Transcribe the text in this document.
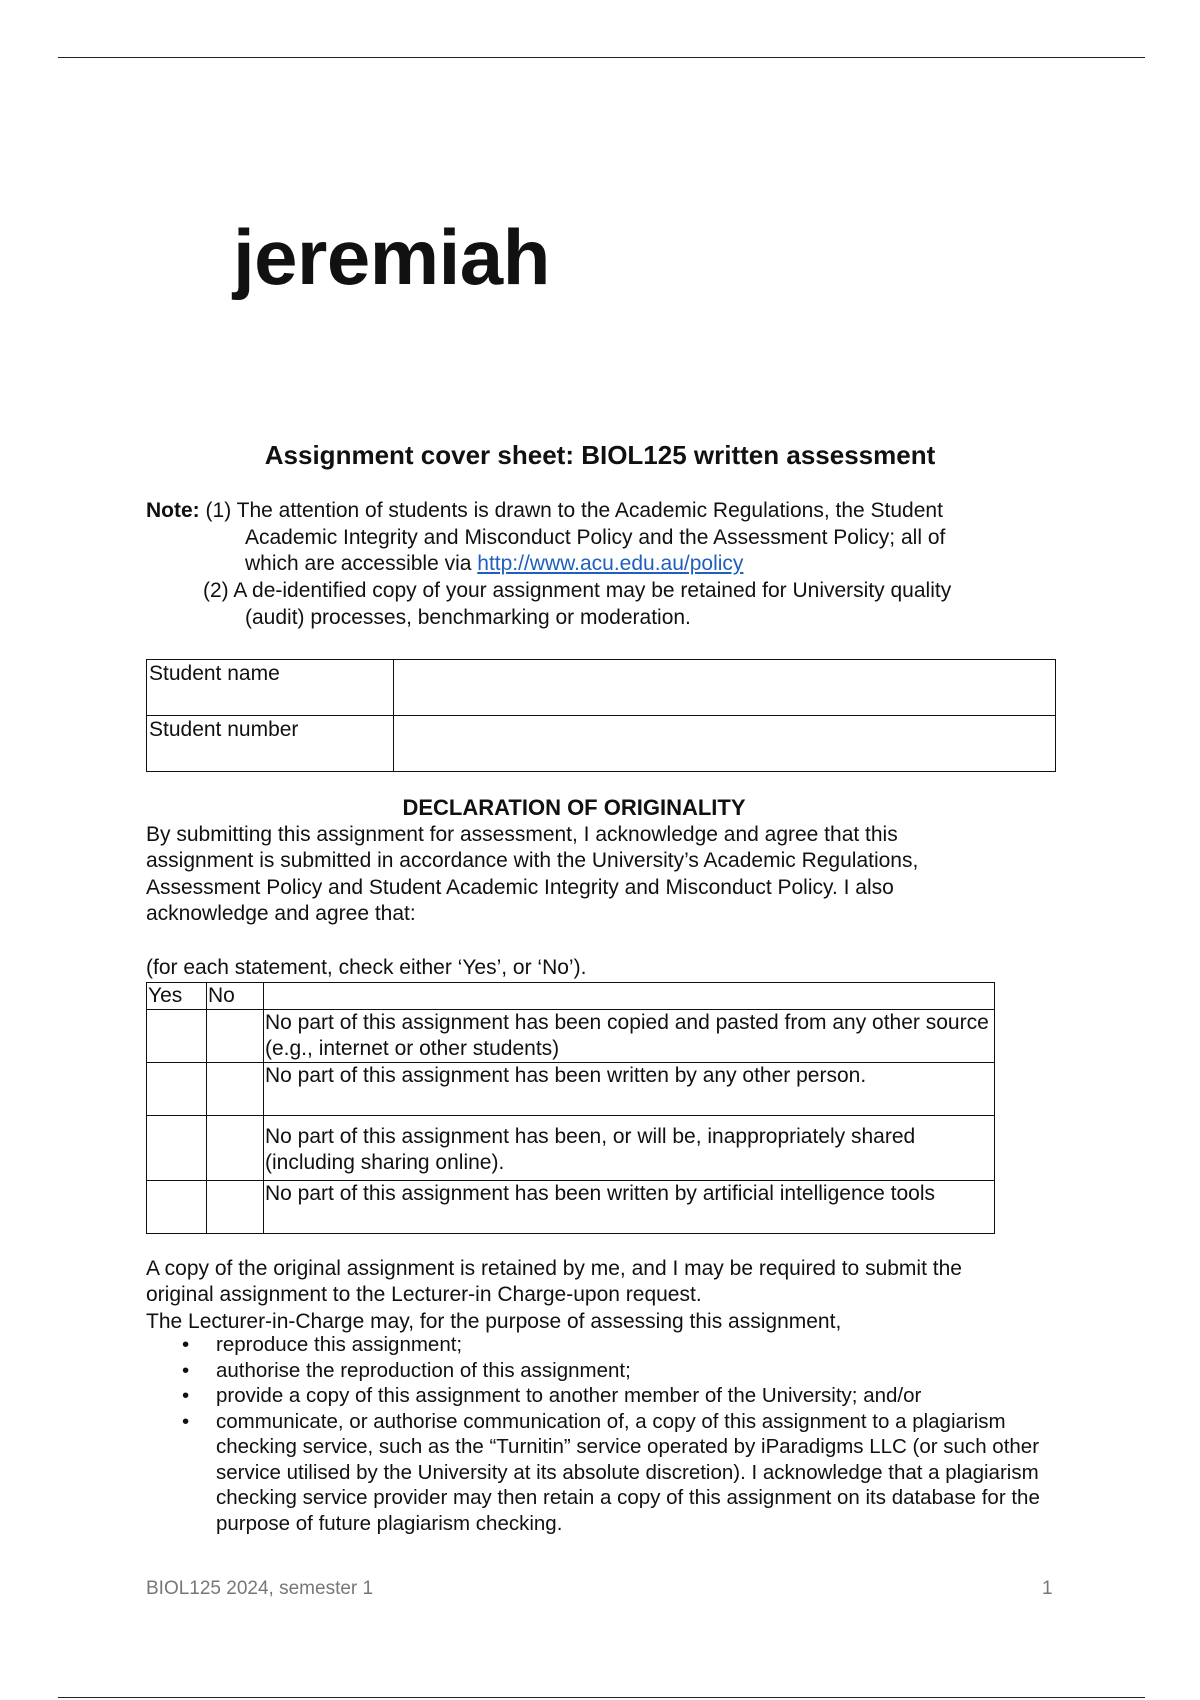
jeremiah
Assignment cover sheet: BIOL125 written assessment
Note: (1) The attention of students is drawn to the Academic Regulations, the Student
Academic Integrity and Misconduct Policy and the Assessment Policy; all of
which are accessible via http://www.acu.edu.au/policy
(2) A de-identified copy of your assignment may be retained for University quality
(audit) processes, benchmarking or moderation.
Student name	
Student number	
DECLARATION OF ORIGINALITY
By submitting this assignment for assessment, I acknowledge and agree that this
assignment is submitted in accordance with the University’s Academic Regulations,
Assessment Policy and Student Academic Integrity and Misconduct Policy. I also
acknowledge and agree that:
(for each statement, check either ‘Yes’, or ‘No’).
Yes	No	
		No part of this assignment has been copied and pasted from any other source (e.g., internet or other students)
		No part of this assignment has been written by any other person.
		No part of this assignment has been, or will be, inappropriately shared (including sharing online).
		No part of this assignment has been written by artificial intelligence tools
A copy of the original assignment is retained by me, and I may be required to submit the
original assignment to the Lecturer-in Charge-upon request.
The Lecturer-in-Charge may, for the purpose of assessing this assignment,
• reproduce this assignment;
• authorise the reproduction of this assignment;
• provide a copy of this assignment to another member of the University; and/or
• communicate, or authorise communication of, a copy of this assignment to a plagiarism checking service, such as the “Turnitin” service operated by iParadigms LLC (or such other service utilised by the University at its absolute discretion). I acknowledge that a plagiarism checking service provider may then retain a copy of this assignment on its database for the purpose of future plagiarism checking.
BIOL125 2024, semester 1	1
